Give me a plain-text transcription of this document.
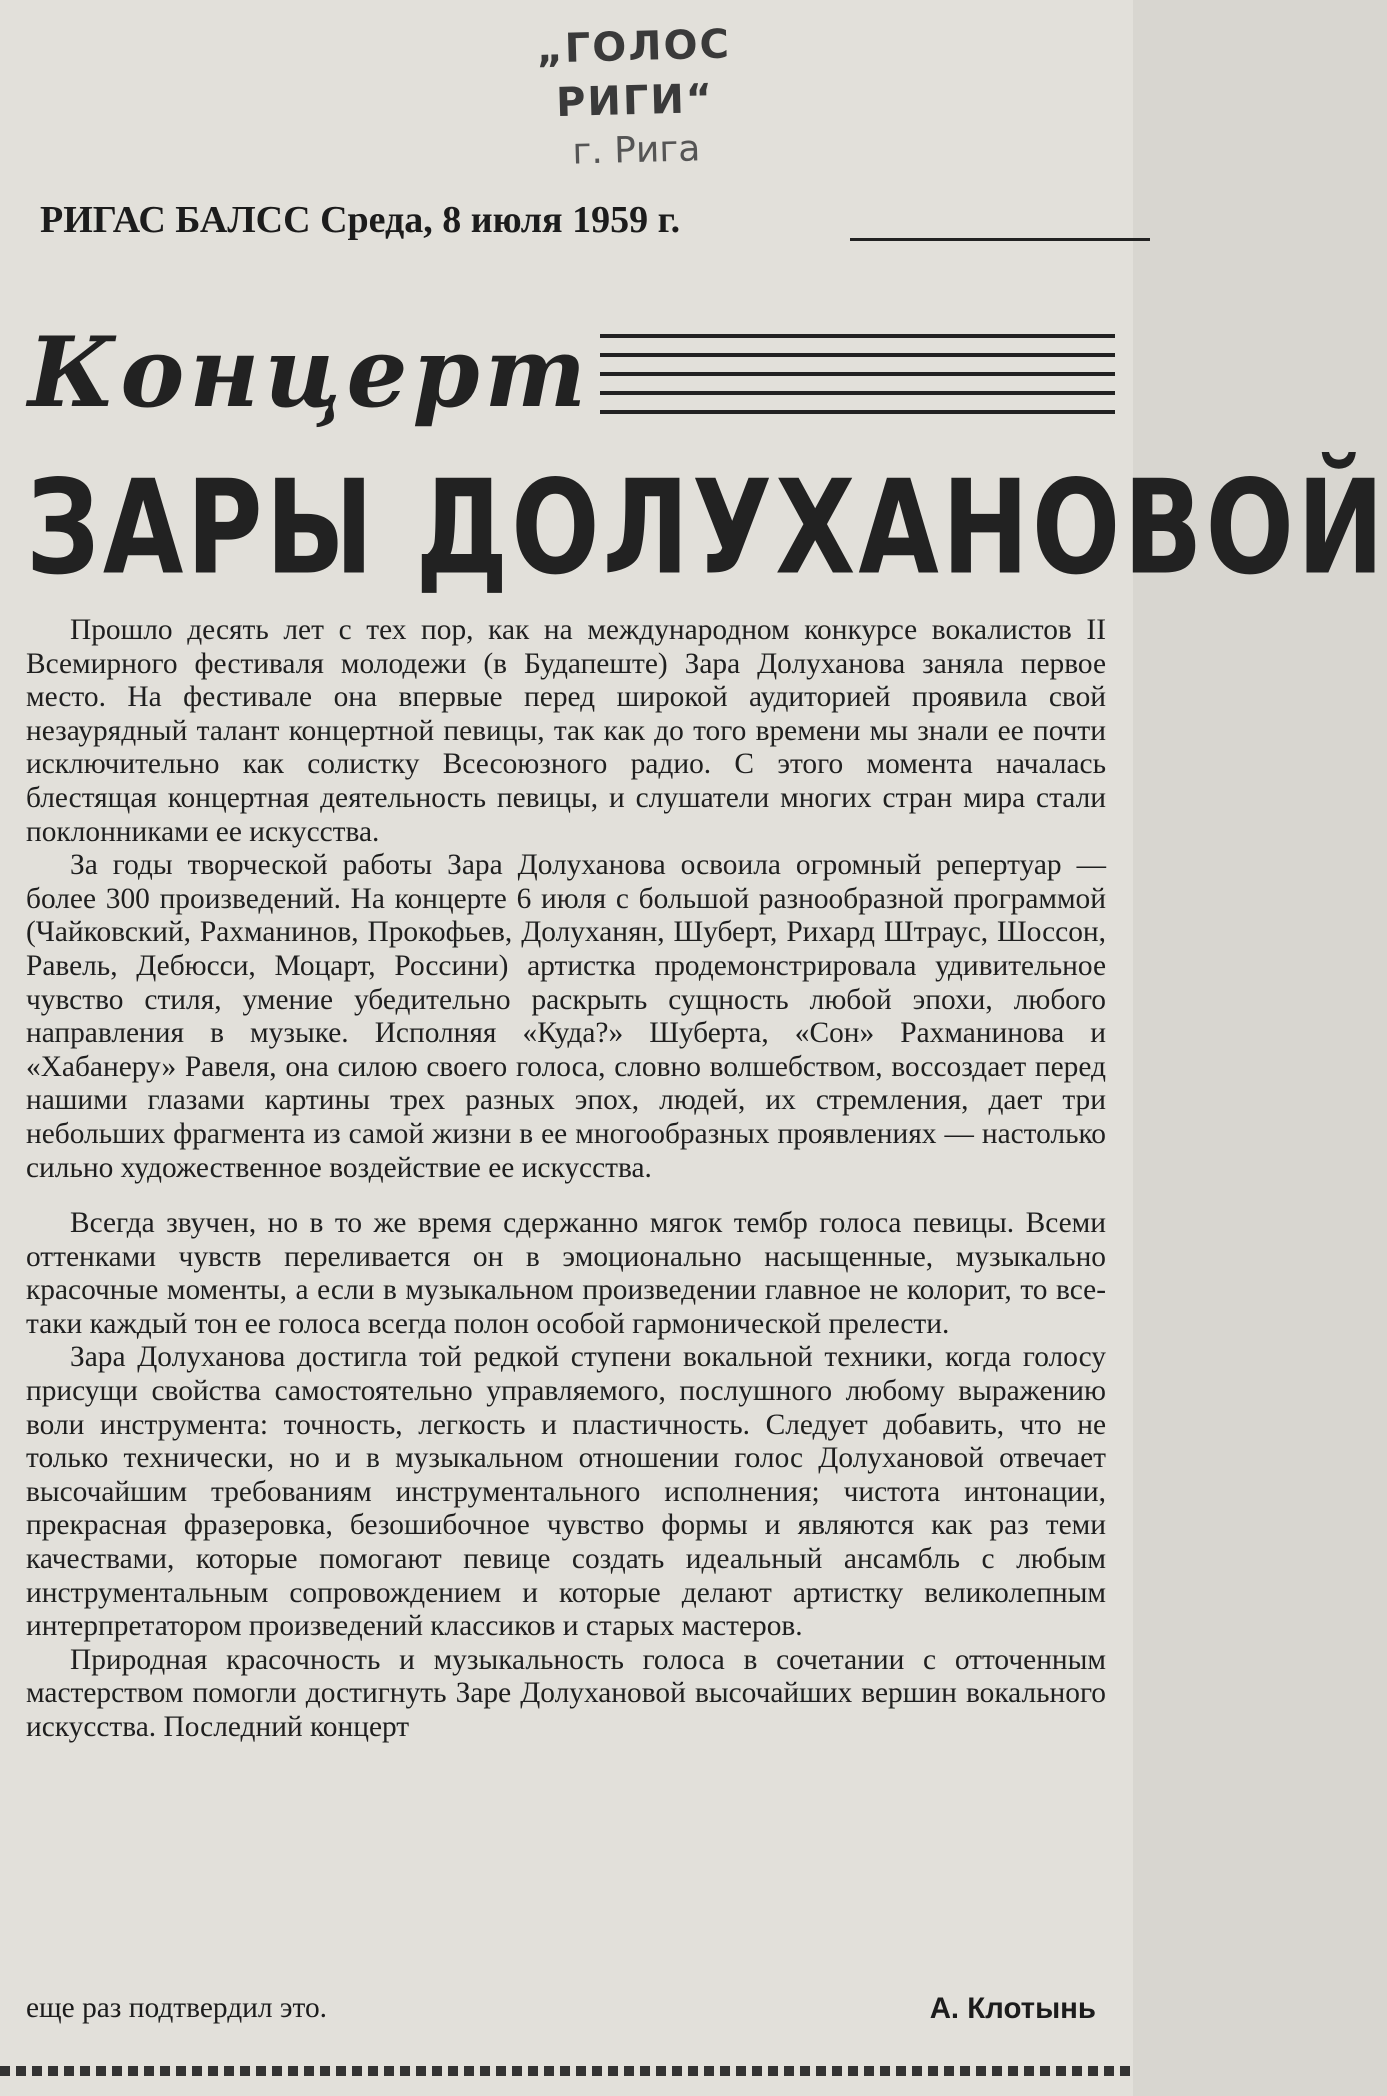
„ГОЛОС РИГИ“
г. Рига
РИГАС БАЛСС Среда, 8 июля 1959 г.
Концерт
ЗАРЫ ДОЛУХАНОВОЙ

Прошло десять лет с тех пор, как на международном конкурсе вокалистов II Всемирного фестиваля молодежи (в Будапеште) Зара Долуханова заняла первое место. На фестивале она впервые перед широкой аудиторией проявила свой незаурядный талант концертной певицы, так как до того времени мы знали ее почти исключительно как солистку Всесоюзного радио. С этого момента началась блестящая концертная деятельность певицы, и слушатели многих стран мира стали поклонниками ее искусства.

За годы творческой работы Зара Долуханова освоила огромный репертуар — более 300 произведений. На концерте 6 июля с большой разнообразной программой (Чайковский, Рахманинов, Прокофьев, Долуханян, Шуберт, Рихард Штраус, Шоссон, Равель, Дебюсси, Моцарт, Россини) артистка продемонстрировала удивительное чувство стиля, умение убедительно раскрыть сущность любой эпохи, любого направления в музыке. Исполняя «Куда?» Шуберта, «Сон» Рахманинова и «Хабанеру» Равеля, она силою своего голоса, словно волшебством, воссоздает перед нашими глазами картины трех разных эпох, людей, их стремления, дает три небольших фрагмента из самой жизни в ее многообразных проявлениях — настолько сильно художественное воздействие ее искусства.

Всегда звучен, но в то же время сдержанно мягок тембр голоса певицы. Всеми оттенками чувств переливается он в эмоционально насыщенные, музыкально красочные моменты, а если в музыкальном произведении главное не колорит, то все-таки каждый тон ее голоса всегда полон особой гармонической прелести.

Зара Долуханова достигла той редкой ступени вокальной техники, когда голосу присущи свойства самостоятельно управляемого, послушного любому выражению воли инструмента: точность, легкость и пластичность. Следует добавить, что не только технически, но и в музыкальном отношении голос Долухановой отвечает высочайшим требованиям инструментального исполнения; чистота интонации, прекрасная фразеровка, безошибочное чувство формы и являются как раз теми качествами, которые помогают певице создать идеальный ансамбль с любым инструментальным сопровождением и которые делают артистку великолепным интерпретатором произведений классиков и старых мастеров.

Природная красочность и музыкальность голоса в сочетании с отточенным мастерством помогли достигнуть Заре Долухановой высочайших вершин вокального искусства. Последний концерт

еще раз подтвердил это.	А. Клотынь
